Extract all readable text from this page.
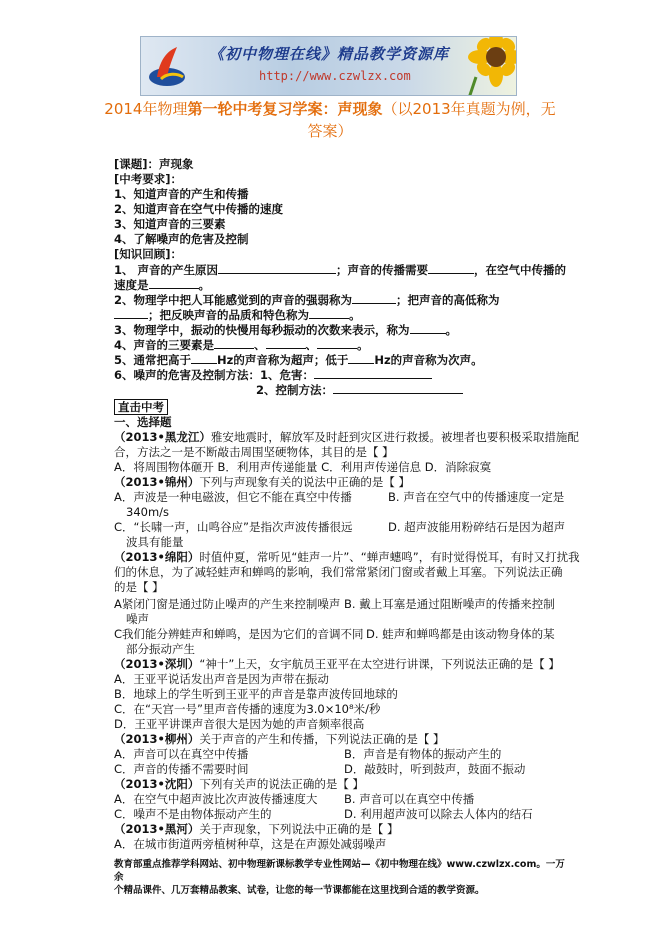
《初中物理在线》精品教学资源库
http://www.czwlzx.com
2014年物理第一轮中考复习学案：声现象（以2013年真题为例，无
答案）
[课题]：声现象
[中考要求]：
1、知道声音的产生和传播
2、知道声音在空气中传播的速度
3、知道声音的三要素
4、了解噪声的危害及控制
[知识回顾]：
1、 声音的产生原因	；声音的传播需要	，在空气中传播的
速度是	。
2、物理学中把人耳能感觉到的声音的强弱称为	；把声音的高低称为
；把反映声音的品质和特色称为	。
3、物理学中，振动的快慢用每秒振动的次数来表示，称为	。
4、声音的三要素是	、	、	。
5、通常把高于 Hz的声音称为超声；低于 Hz的声音称为次声。
6、噪声的危害及控制方法：1、危害：
2、控制方法：
直击中考
一、选择题
（2013•黑龙江）雅安地震时，解放军及时赶到灾区进行救援。被埋者也要积极采取措施配
合，方法之一是不断敲击周围坚硬物体，其目的是【 】
A．将周围物体砸开 B．利用声传递能量 C．利用声传递信息 D．消除寂寞
（2013•锦州）下列与声现象有关的说法中正确的是【 】
A．声波是一种电磁波，但它不能在真空中传播	B. 声音在空气中的传播速度一定是
340m/s
C．“长啸一声，山鸣谷应”是指次声波传播很远	D. 超声波能用粉碎结石是因为超声
波具有能量
（2013•绵阳）时值仲夏，常听见“蛙声一片”、“蝉声蟪鸣”，有时觉得悦耳，有时又打扰我
们的休息，为了减轻蛙声和蝉鸣的影响，我们常常紧闭门窗或者戴上耳塞。下列说法正确
的是【 】
A紧闭门窗是通过防止噪声的产生来控制噪声 B. 戴上耳塞是通过阻断噪声的传播来控制
噪声
C我们能分辨蛙声和蝉鸣，是因为它们的音调不同 D. 蛙声和蝉鸣都是由该动物身体的某
部分振动产生
（2013•深圳）“神十”上天，女宇航员王亚平在太空进行讲课，下列说法正确的是【 】
A．王亚平说话发出声音是因为声带在振动
B．地球上的学生听到王亚平的声音是靠声波传回地球的
C．在“天宫一号”里声音传播的速度为3.0×10⁸米/秒
D．王亚平讲课声音很大是因为她的声音频率很高
（2013•柳州）关于声音的产生和传播，下列说法正确的是【 】
A．声音可以在真空中传播	B．声音是有物体的振动产生的
C．声音的传播不需要时间	D．敲鼓时，听到鼓声，鼓面不振动
（2013•沈阳）下列有关声的说法正确的是【 】
A．在空气中超声波比次声波传播速度大 B. 声音可以在真空中传播
C．噪声不是由物体振动产生的	D. 利用超声波可以除去人体内的结石
（2013•黑河）关于声现象，下列说法中正确的是【 】
A．在城市街道两旁植树种草，这是在声源处减弱噪声
教育部重点推荐学科网站、初中物理新课标教学专业性网站—《初中物理在线》www.czwlzx.com。一万余
个精品课件、几万套精品教案、试卷，让您的每一节课都能在这里找到合适的教学资源。
